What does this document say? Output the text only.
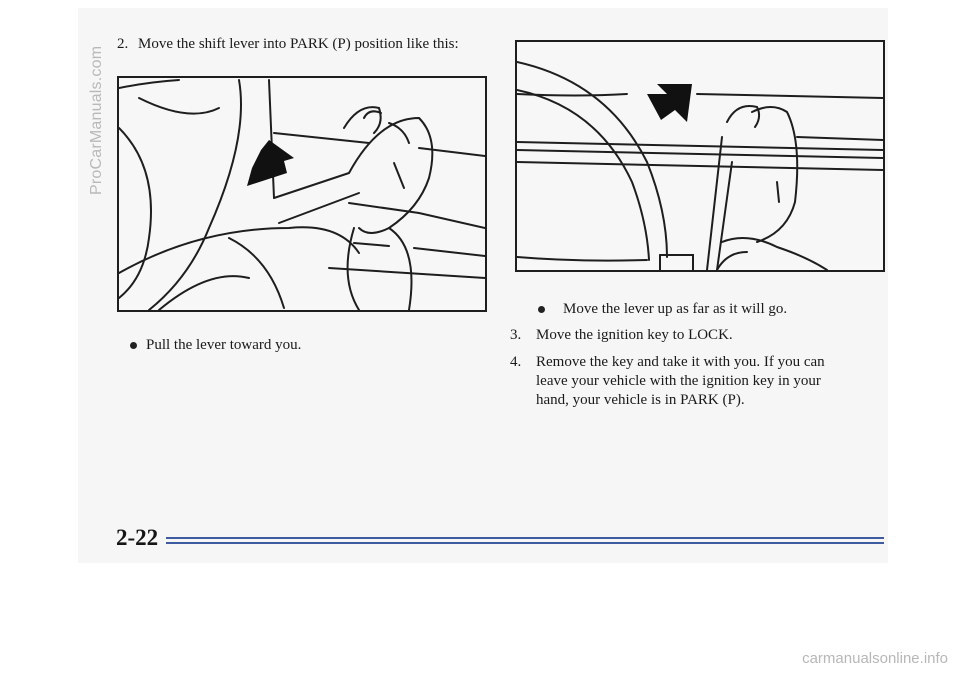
ProCarManuals.com
2. Move the shift lever into PARK (P) position like this:
Pull the lever toward you.
Move the lever up as far as it will go.
3. Move the ignition key to LOCK.
4. Remove the key and take it with you. If you can
leave your vehicle with the ignition key in your
hand, your vehicle is in PARK (P).
2-22
carmanualsonline.info
